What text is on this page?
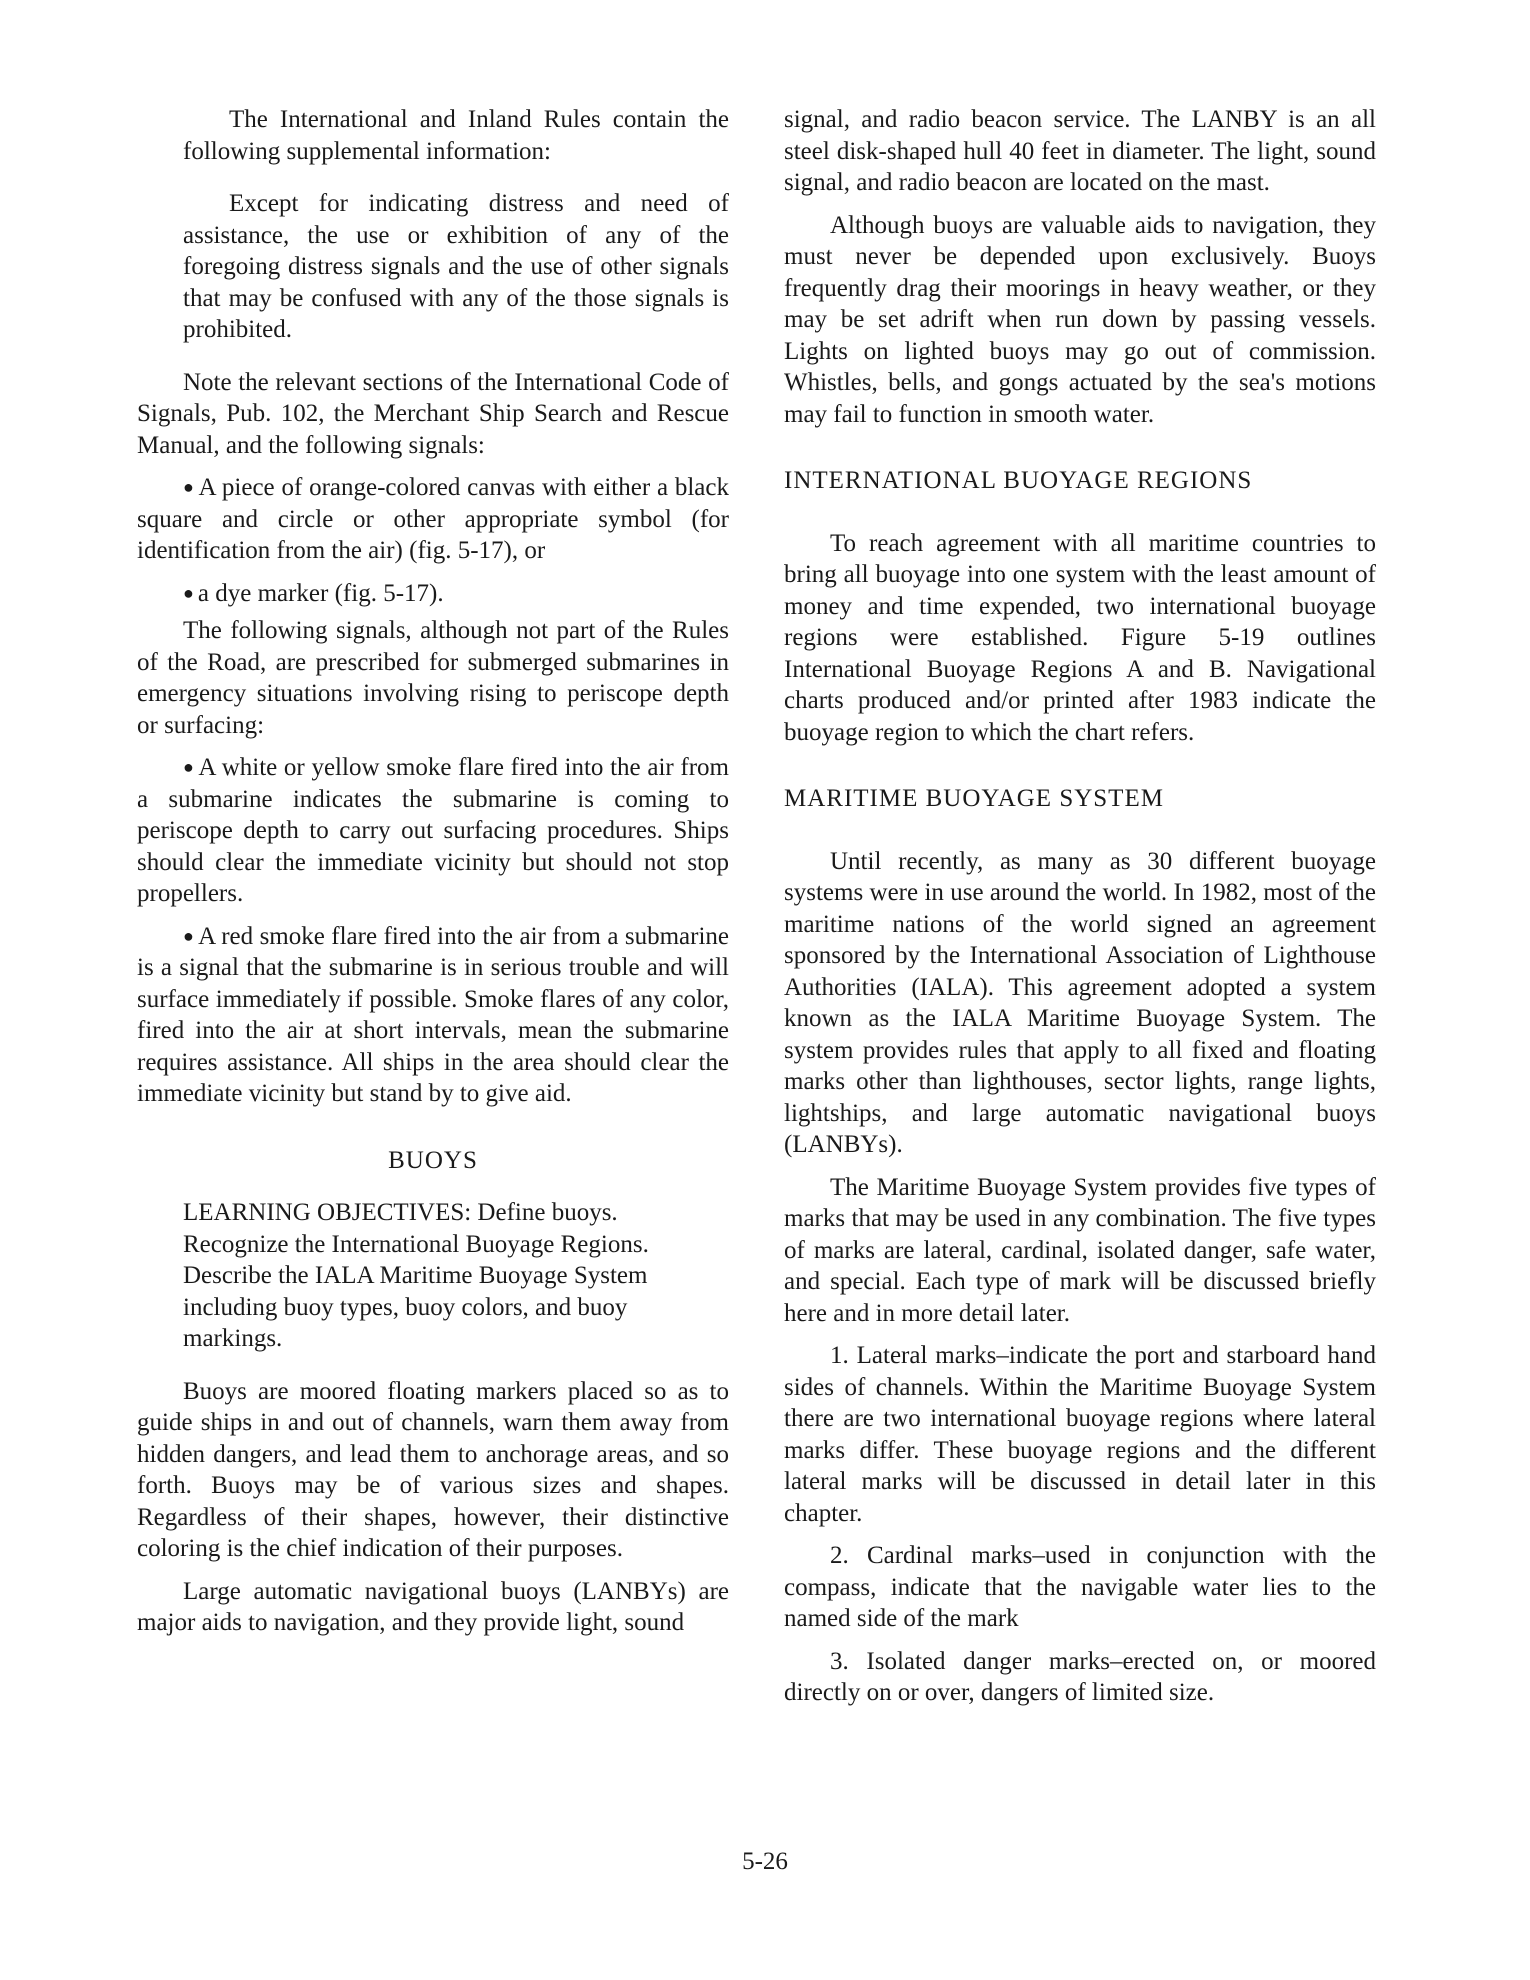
The International and Inland Rules contain the following supplemental information:

Except for indicating distress and need of assistance, the use or exhibition of any of the foregoing distress signals and the use of other signals that may be confused with any of the those signals is prohibited.

Note the relevant sections of the International Code of Signals, Pub. 102, the Merchant Ship Search and Rescue Manual, and the following signals:

● A piece of orange-colored canvas with either a black square and circle or other appropriate symbol (for identification from the air) (fig. 5-17), or

● a dye marker (fig. 5-17).

The following signals, although not part of the Rules of the Road, are prescribed for submerged submarines in emergency situations involving rising to periscope depth or surfacing:

● A white or yellow smoke flare fired into the air from a submarine indicates the submarine is coming to periscope depth to carry out surfacing procedures. Ships should clear the immediate vicinity but should not stop propellers.

● A red smoke flare fired into the air from a submarine is a signal that the submarine is in serious trouble and will surface immediately if possible. Smoke flares of any color, fired into the air at short intervals, mean the submarine requires assistance. All ships in the area should clear the immediate vicinity but stand by to give aid.

BUOYS

LEARNING OBJECTIVES: Define buoys. Recognize the International Buoyage Regions. Describe the IALA Maritime Buoyage System including buoy types, buoy colors, and buoy markings.

Buoys are moored floating markers placed so as to guide ships in and out of channels, warn them away from hidden dangers, and lead them to anchorage areas, and so forth. Buoys may be of various sizes and shapes. Regardless of their shapes, however, their distinctive coloring is the chief indication of their purposes.

Large automatic navigational buoys (LANBYs) are major aids to navigation, and they provide light, sound

signal, and radio beacon service. The LANBY is an all steel disk-shaped hull 40 feet in diameter. The light, sound signal, and radio beacon are located on the mast.

Although buoys are valuable aids to navigation, they must never be depended upon exclusively. Buoys frequently drag their moorings in heavy weather, or they may be set adrift when run down by passing vessels. Lights on lighted buoys may go out of commission. Whistles, bells, and gongs actuated by the sea's motions may fail to function in smooth water.

INTERNATIONAL BUOYAGE REGIONS

To reach agreement with all maritime countries to bring all buoyage into one system with the least amount of money and time expended, two international buoyage regions were established. Figure 5-19 outlines International Buoyage Regions A and B. Navigational charts produced and/or printed after 1983 indicate the buoyage region to which the chart refers.

MARITIME BUOYAGE SYSTEM

Until recently, as many as 30 different buoyage systems were in use around the world. In 1982, most of the maritime nations of the world signed an agreement sponsored by the International Association of Lighthouse Authorities (IALA). This agreement adopted a system known as the IALA Maritime Buoyage System. The system provides rules that apply to all fixed and floating marks other than lighthouses, sector lights, range lights, lightships, and large automatic navigational buoys (LANBYs).

The Maritime Buoyage System provides five types of marks that may be used in any combination. The five types of marks are lateral, cardinal, isolated danger, safe water, and special. Each type of mark will be discussed briefly here and in more detail later.

1. Lateral marks–indicate the port and starboard hand sides of channels. Within the Maritime Buoyage System there are two international buoyage regions where lateral marks differ. These buoyage regions and the different lateral marks will be discussed in detail later in this chapter.

2. Cardinal marks–used in conjunction with the compass, indicate that the navigable water lies to the named side of the mark

3. Isolated danger marks–erected on, or moored directly on or over, dangers of limited size.

5-26
